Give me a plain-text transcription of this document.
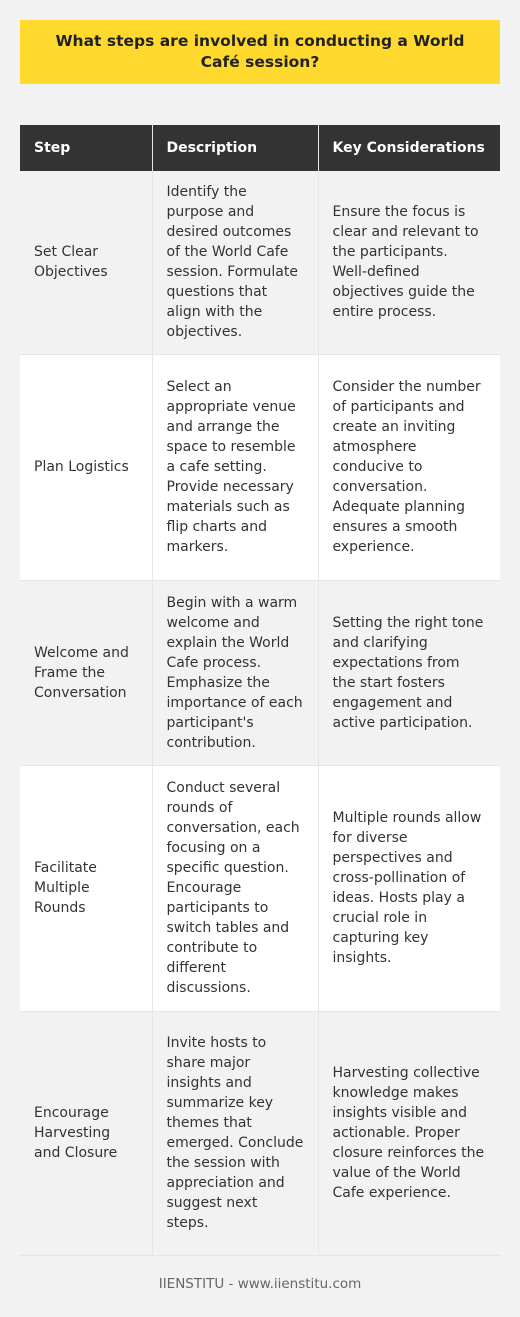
What steps are involved in conducting a World Café session?
Step	Description	Key Considerations
Set Clear Objectives	Identify the purpose and desired outcomes of the World Cafe session. Formulate questions that align with the objectives.	Ensure the focus is clear and relevant to the participants. Well-defined objectives guide the entire process.
Plan Logistics	Select an appropriate venue and arrange the space to resemble a cafe setting. Provide necessary materials such as flip charts and markers.	Consider the number of participants and create an inviting atmosphere conducive to conversation. Adequate planning ensures a smooth experience.
Welcome and Frame the Conversation	Begin with a warm welcome and explain the World Cafe process. Emphasize the importance of each participant's contribution.	Setting the right tone and clarifying expectations from the start fosters engagement and active participation.
Facilitate Multiple Rounds	Conduct several rounds of conversation, each focusing on a specific question. Encourage participants to switch tables and contribute to different discussions.	Multiple rounds allow for diverse perspectives and cross-pollination of ideas. Hosts play a crucial role in capturing key insights.
Encourage Harvesting and Closure	Invite hosts to share major insights and summarize key themes that emerged. Conclude the session with appreciation and suggest next steps.	Harvesting collective knowledge makes insights visible and actionable. Proper closure reinforces the value of the World Cafe experience.
IIENSTITU - www.iienstitu.com
